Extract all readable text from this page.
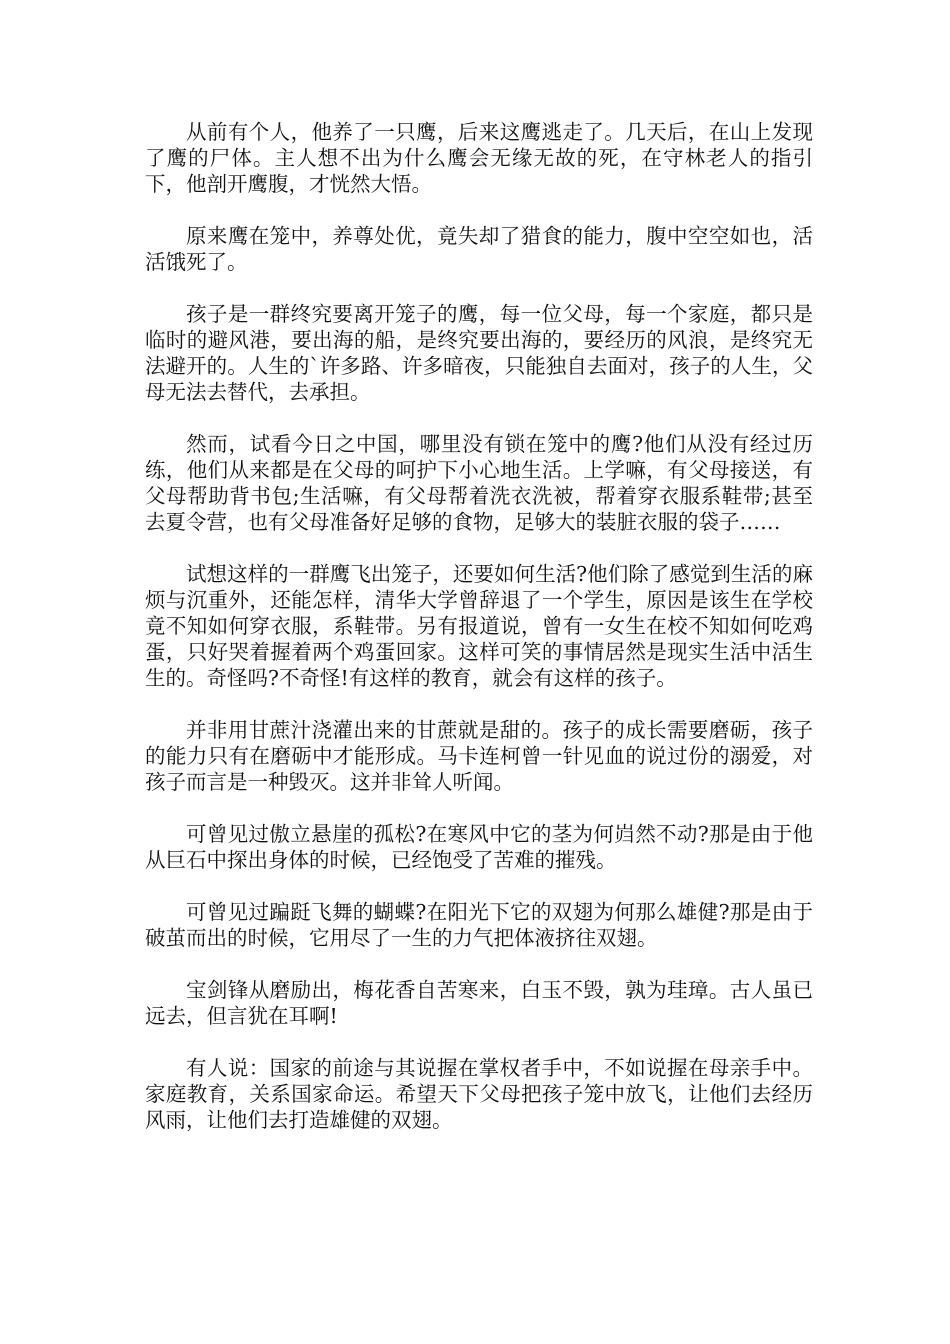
从前有个人，他养了一只鹰，后来这鹰逃走了。几天后，在山上发现了鹰的尸体。主人想不出为什么鹰会无缘无故的死，在守林老人的指引下，他剖开鹰腹，才恍然大悟。

原来鹰在笼中，养尊处优，竟失却了猎食的能力，腹中空空如也，活活饿死了。

孩子是一群终究要离开笼子的鹰，每一位父母，每一个家庭，都只是临时的避风港，要出海的船，是终究要出海的，要经历的风浪，是终究无法避开的。人生的`许多路、许多暗夜，只能独自去面对，孩子的人生，父母无法去替代，去承担。

然而，试看今日之中国，哪里没有锁在笼中的鹰?他们从没有经过历练，他们从来都是在父母的呵护下小心地生活。上学嘛，有父母接送，有父母帮助背书包;生活嘛，有父母帮着洗衣洗被，帮着穿衣服系鞋带;甚至去夏令营，也有父母准备好足够的食物，足够大的装脏衣服的袋子……

试想这样的一群鹰飞出笼子，还要如何生活?他们除了感觉到生活的麻烦与沉重外，还能怎样，清华大学曾辞退了一个学生，原因是该生在学校竟不知如何穿衣服，系鞋带。另有报道说，曾有一女生在校不知如何吃鸡蛋，只好哭着握着两个鸡蛋回家。这样可笑的事情居然是现实生活中活生生的。奇怪吗?不奇怪!有这样的教育，就会有这样的孩子。

并非用甘蔗汁浇灌出来的甘蔗就是甜的。孩子的成长需要磨砺，孩子的能力只有在磨砺中才能形成。马卡连柯曾一针见血的说过份的溺爱，对孩子而言是一种毁灭。这并非耸人听闻。

可曾见过傲立悬崖的孤松?在寒风中它的茎为何岿然不动?那是由于他从巨石中探出身体的时候，已经饱受了苦难的摧残。

可曾见过蹁跹飞舞的蝴蝶?在阳光下它的双翅为何那么雄健?那是由于破茧而出的时候，它用尽了一生的力气把体液挤往双翅。

宝剑锋从磨励出，梅花香自苦寒来，白玉不毁，孰为珪璋。古人虽已远去，但言犹在耳啊!

有人说：国家的前途与其说握在掌权者手中，不如说握在母亲手中。家庭教育，关系国家命运。希望天下父母把孩子笼中放飞，让他们去经历风雨，让他们去打造雄健的双翅。
